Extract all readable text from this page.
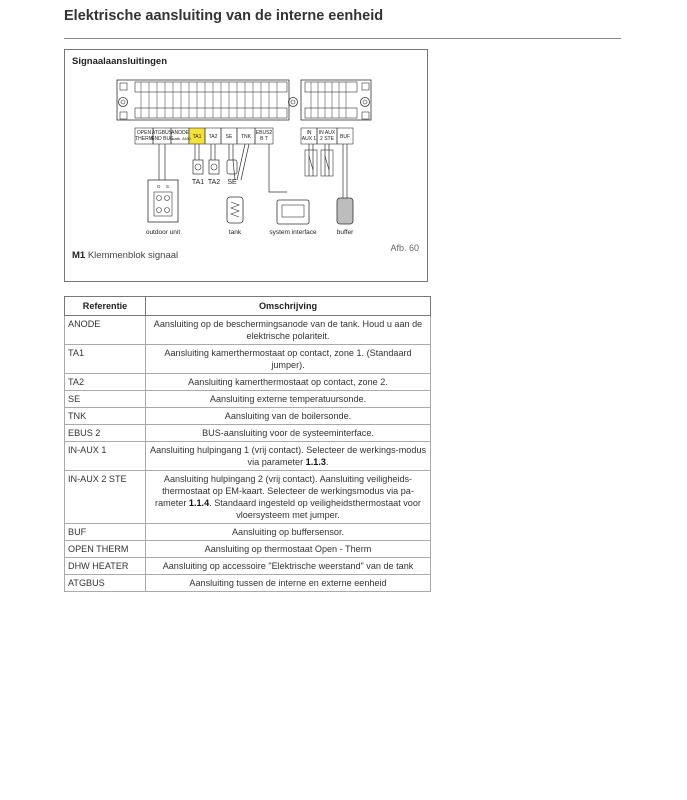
Elektrische aansluiting van de interne eenheid
Signaalaansluitingen
OPEN
THERM
ATGBUS
GND BUS
ANODE
+ cath. ANO TA1 TA2 SE TNK
EBUS2
B T
IN
AUX 1
IN AUX
2 STE BUF
TA1 TA2 SE
G S
outdoor unit	tank	system interface	buffer
Afb. 60
M1 Klemmenblok signaal
Referentie	Omschrijving
ANODE	Aansluiting op de beschermingsanode van de tank. Houd u aan de elektrische polariteit.
TA1	Aansluiting kamerthermostaat op contact, zone 1. (Standaard jumper).
TA2	Aansluiting kamerthermostaat op contact, zone 2.
SE	Aansluiting externe temperatuursonde.
TNK	Aansluiting van de boilersonde.
EBUS 2	BUS-aansluiting voor de systeeminterface.
IN-AUX 1	Aansluiting hulpingang 1 (vrij contact). Selecteer de werkings-modus via parameter 1.1.3.
IN-AUX 2 STE	Aansluiting hulpingang 2 (vrij contact). Aansluiting veiligheids-thermostaat op EM-kaart. Selecteer de werkingsmodus via pa-rameter 1.1.4. Standaard ingesteld op veiligheidsthermostaat voor vloersysteem met jumper.
BUF	Aansluiting op buffersensor.
OPEN THERM	Aansluiting op thermostaat Open - Therm
DHW HEATER	Aansluiting op accessoire "Elektrische weerstand" van de tank
ATGBUS	Aansluiting tussen de interne en externe eenheid
